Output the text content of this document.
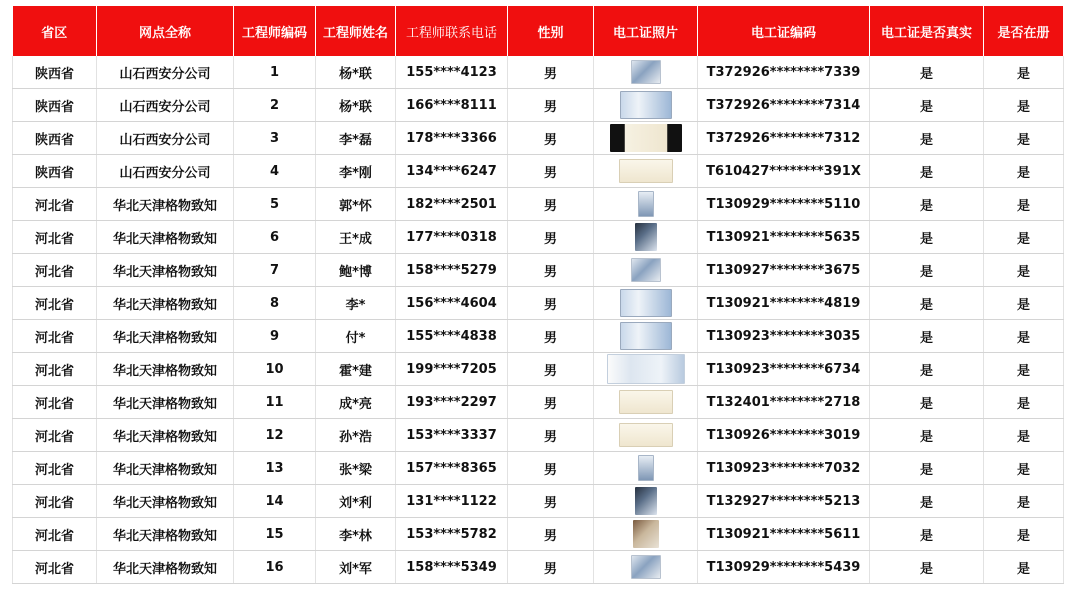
省区	网点全称	工程师编码	工程师姓名	工程师联系电话	性别	电工证照片	电工证编码	电工证是否真实	是否在册
陕西省	山石西安分公司	1	杨*联	155****4123	男		T372926********7339	是	是
陕西省	山石西安分公司	2	杨*联	166****8111	男		T372926********7314	是	是
陕西省	山石西安分公司	3	李*磊	178****3366	男		T372926********7312	是	是
陕西省	山石西安分公司	4	李*刚	134****6247	男		T610427********391X	是	是
河北省	华北天津格物致知	5	郭*怀	182****2501	男		T130929********5110	是	是
河北省	华北天津格物致知	6	王*成	177****0318	男		T130921********5635	是	是
河北省	华北天津格物致知	7	鲍*博	158****5279	男		T130927********3675	是	是
河北省	华北天津格物致知	8	李*	156****4604	男		T130921********4819	是	是
河北省	华北天津格物致知	9	付*	155****4838	男		T130923********3035	是	是
河北省	华北天津格物致知	10	霍*建	199****7205	男		T130923********6734	是	是
河北省	华北天津格物致知	11	成*亮	193****2297	男		T132401********2718	是	是
河北省	华北天津格物致知	12	孙*浩	153****3337	男		T130926********3019	是	是
河北省	华北天津格物致知	13	张*梁	157****8365	男		T130923********7032	是	是
河北省	华北天津格物致知	14	刘*利	131****1122	男		T132927********5213	是	是
河北省	华北天津格物致知	15	李*林	153****5782	男		T130921********5611	是	是
河北省	华北天津格物致知	16	刘*军	158****5349	男		T130929********5439	是	是
